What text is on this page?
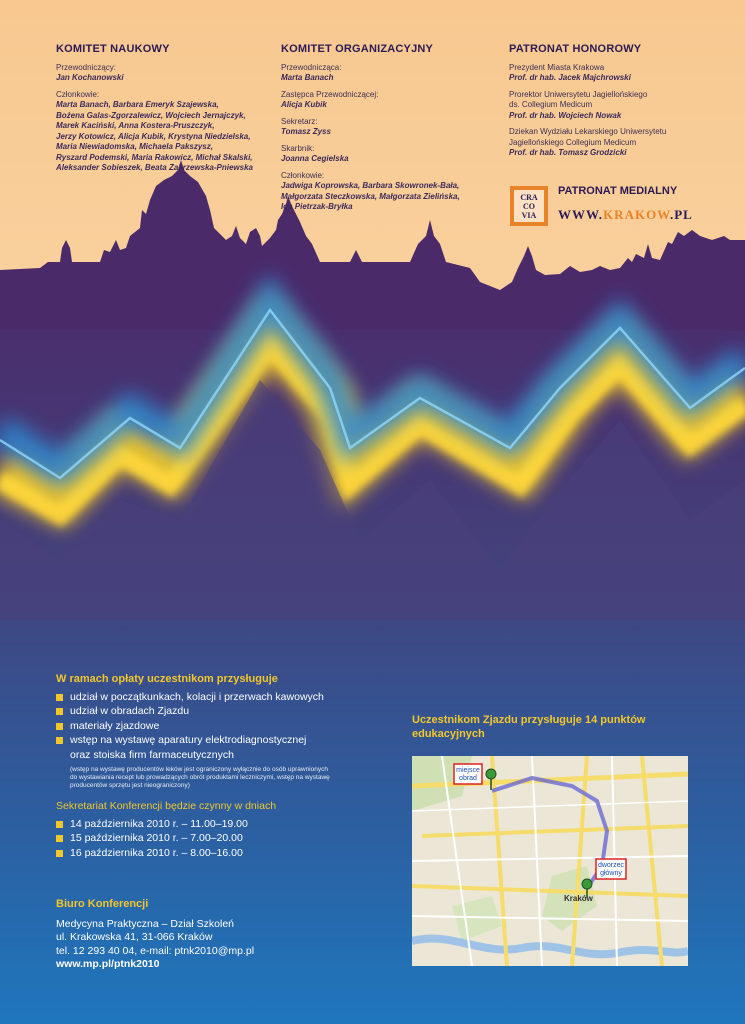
KOMITET NAUKOWY
Przewodniczący:
Jan Kochanowski
Członkowie:
Marta Banach, Barbara Emeryk Szajewska,
Bożena Galas-Zgorzalewicz, Wojciech Jernajczyk,
Marek Kaciński, Anna Kostera-Pruszczyk,
Jerzy Kotowicz, Alicja Kubik, Krystyna Niedzielska,
Maria Niewiadomska, Michaela Pakszysz,
Ryszard Podemski, Maria Rakowicz, Michał Skalski,
Aleksander Sobieszek, Beata Zakrzewska-Pniewska
KOMITET ORGANIZACYJNY
Przewodnicząca:
Marta Banach
Zastępca Przewodniczącej:
Alicja Kubik
Sekretarz:
Tomasz Zyss
Skarbnik:
Joanna Cegielska
Członkowie:
Jadwiga Koprowska, Barbara Skowronek-Bała,
Małgorzata Steczkowska, Małgorzata Zielińska,
Iga Pietrzak-Bryłka
PATRONAT HONOROWY
Prezydent Miasta Krakowa
Prof. dr hab. Jacek Majchrowski
Prorektor Uniwersytetu Jagiellońskiego
ds. Collegium Medicum
Prof. dr hab. Wojciech Nowak
Dziekan Wydziału Lekarskiego Uniwersytetu
Jagiellońskiego Collegium Medicum
Prof. dr hab. Tomasz Grodzicki
CRA
CO
VIA
PATRONAT MEDIALNY
WWW.KRAKOW.PL
W ramach opłaty uczestnikom przysługuje
udział w początkunkach, kolacji i przerwach kawowych
udział w obradach Zjazdu
materiały zjazdowe
wstęp na wystawę aparatury elektrodiagnostycznej
oraz stoiska firm farmaceutycznych
(wstęp na wystawę producentów leków jest ograniczony wyłącznie do osób uprawnionych
do wystawiania recept lub prowadzących obrót produktami leczniczymi, wstęp na wystawę
producentów sprzętu jest nieograniczony)
Sekretariat Konferencji będzie czynny w dniach
14 października 2010 r. – 11.00–19.00
15 października 2010 r. – 7.00–20.00
16 października 2010 r. – 8.00–16.00
Biuro Konferencji
Medycyna Praktyczna – Dział Szkoleń
ul. Krakowska 41, 31-066 Kraków
tel. 12 293 40 04, e-mail: ptnk2010@mp.pl
www.mp.pl/ptnk2010
Uczestnikom Zjazdu przysługuje 14 punktów
edukacyjnych
miejsce
obrad
dworzec
główny
Kraków
